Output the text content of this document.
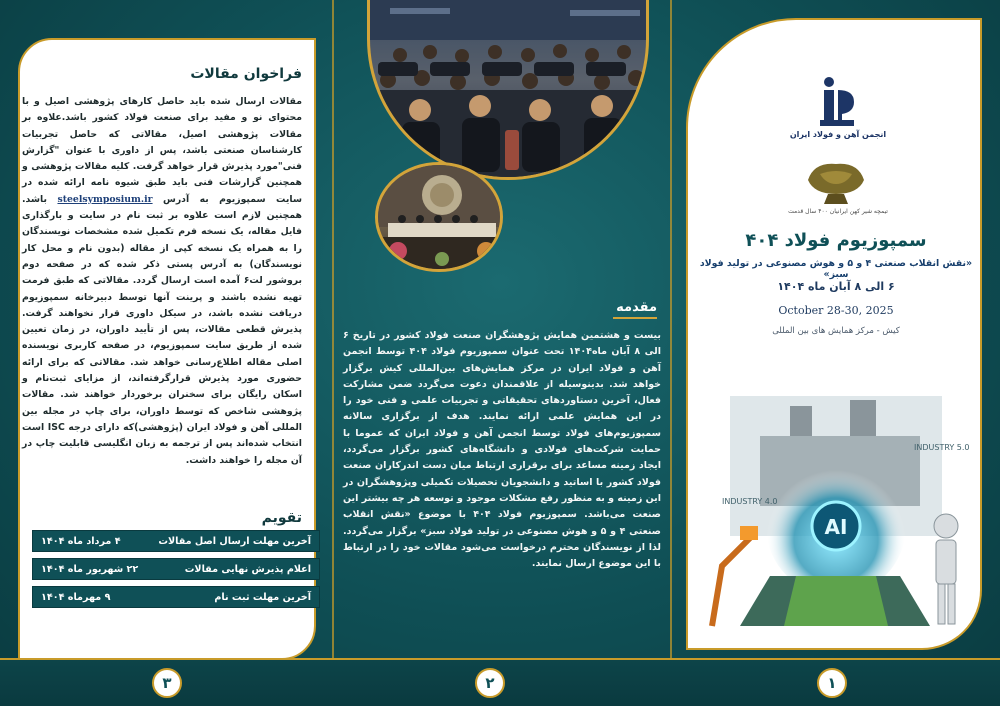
فراخوان مقالات
مقالات ارسال شده باید حاصل کارهای پژوهشی اصیل و با محتوای نو و مفید برای صنعت فولاد کشور باشد.علاوه بر مقالات پژوهشی اصیل، مقالاتی که حاصل تجربیات کارشناسان صنعتی باشد، پس از داوری با عنوان "گزارش فنی"مورد پذیرش قرار خواهد گرفت. کلیه مقالات پژوهشی و همچنین گزارشات فنی باید طبق شیوه نامه ارائه شده در سایت سمپوزیوم به آدرس steelsymposium.ir باشد. همچنین لازم است علاوه بر ثبت نام در سایت و بارگذاری فایل مقاله، یک نسخه فرم تکمیل شده مشخصات نویسندگان را به همراه یک نسخه کپی از مقاله (بدون نام و محل کار نویسندگان) به آدرس پستی ذکر شده که در صفحه دوم بروشور لت۶ آمده است ارسال گردد. مقالاتی که طبق فرمت تهیه نشده باشند و پرینت آنها توسط دبیرخانه سمپوزیوم دریافت نشده باشد، در سیکل داوری قرار نخواهند گرفت. پذیرش قطعی مقالات، پس از تأیید داوران، در زمان تعیین شده از طریق سایت سمپوزیوم، در صفحه کاربری نویسنده اصلی مقاله اطلاع‌رسانی خواهد شد. مقالاتی که برای ارائه حضوری مورد پذیرش قرارگرفته‌اند، از مزایای ثبت‌نام و اسکان رایگان برای سخنران برخوردار خواهند شد. مقالات پژوهشی شاخص که توسط داوران، برای چاپ در مجله بین المللی آهن و فولاد ایران (پژوهشی)که دارای درجه ISC است انتخاب شده‌اند پس از ترجمه به زبان انگلیسی قابلیت چاپ در آن مجله را خواهند داشت.
تقویم
آخرین مهلت ارسال اصل مقالات
۴ مرداد ماه ۱۴۰۴
اعلام پذیرش نهایی مقالات
۲۲ شهریور ماه ۱۴۰۴
آخرین مهلت ثبت نام
۹ مهرماه ۱۴۰۴
مقدمه
بیست و هشتمین همایش پژوهشگران صنعت فولاد کشور در تاریخ ۶ الی ۸ آبان ماه۱۴۰۴ تحت عنوان سمپوزیوم فولاد ۴۰۴ توسط انجمن آهن و فولاد ایران در مرکز همایش‌های بین‌المللی کیش برگزار خواهد شد. بدینوسیله از علاقمندان دعوت می‌گردد ضمن مشارکت فعال، آخرین دستاوردهای تحقیقاتی و تجربیات علمی و فنی خود را در این همایش علمی ارائه نمایند. هدف از برگزاری سالانه سمپوزیوم‌های فولاد توسط انجمن آهن و فولاد ایران که عموما با حمایت شرکت‌های فولادی و دانشگاه‌های کشور برگزار می‌گردد، ایجاد زمینه مساعد برای برقراری ارتباط میان دست اندرکاران صنعت فولاد کشور با اساتید و دانشجویان تحصیلات تکمیلی وپژوهشگران در این زمینه و به منظور رفع مشکلات موجود و توسعه هر چه بیشتر این صنعت می‌باشد. سمپوزیوم فولاد ۴۰۴ با موضوع «نقش انقلاب صنعتی ۴ و ۵ و هوش مصنوعی در تولید فولاد سبز» برگزار می‌گردد. لذا از نویسندگان محترم درخواست می‌شود مقالات خود را در ارتباط با این موضوع ارسال نمایند.
انجمن آهن و فولاد ایران
تیمچه شیر کهن ایرانیان ۴۰۰ سال قدمت
سمپوزیوم فولاد ۴۰۴
«نقش انقلاب صنعتی ۴ و ۵ و هوش مصنوعی در تولید فولاد سبز»
۶ الی ۸ آبان ماه ۱۴۰۴
October 28-30, 2025
کیش - مرکز همایش های بین المللی
AI
INDUSTRY 5.0
INDUSTRY 4.0
۳	۲	۱
